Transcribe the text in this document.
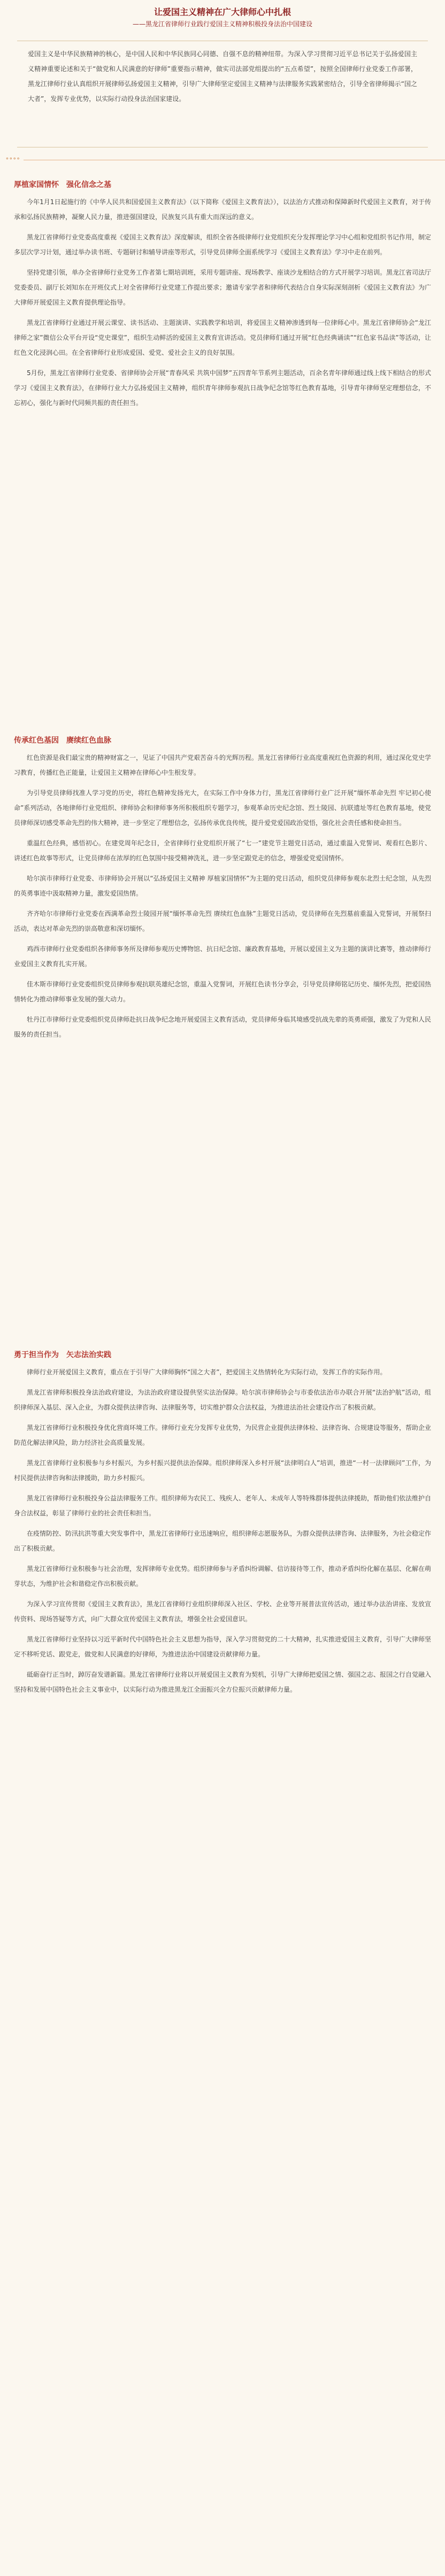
让爱国主义精神在广大律师心中扎根

——黑龙江省律师行业践行爱国主义精神积极投身法治中国建设

爱国主义是中华民族精神的核心，是中国人民和中华民族同心同德、自强不息的精神纽带。为深入学习贯彻习近平总书记关于弘扬爱国主义精神重要论述和关于“做党和人民满意的好律师”重要指示精神，做实司法部党组提出的“五点希望”，按照全国律师行业党委工作部署，黑龙江律师行业认真组织开展律师弘扬爱国主义精神，引导广大律师坚定爱国主义精神与法律服务实践紧密结合，引导全省律师揭示“国之大者”，发挥专业优势，以实际行动投身法治国家建设。
∘∘∘∘
厚植家国情怀　强化信念之基

今年1月1日起施行的《中华人民共和国爱国主义教育法》（以下简称《爱国主义教育法》），以法治方式推动和保障新时代爱国主义教育，对于传承和弘扬民族精神，凝聚人民力量，推进强国建设，民族复兴具有重大而深远的意义。

黑龙江省律师行业党委高度重视《爱国主义教育法》深度解读，组织全省各级律师行业党组织充分发挥理论学习中心组和党组织书记作用，制定多层次学习计划，通过举办读书班、专题研讨和辅导讲座等形式，引导党员律师全面系统学习《爱国主义教育法》学习中走在前列。

坚持党建引领，单办全省律师行业党务工作者第七期培训班，采用专题讲座、现场教学、座谈沙龙相结合的方式开展学习培训。黑龙江省司法厅党委委员、副厅长刘知东在开班仪式上对全省律师行业党建工作提出要求；邀请专家学者和律师代表结合自身实际深刻剖析《爱国主义教育法》为广大律师开展爱国主义教育提供理论指导。

黑龙江省律师行业通过开展云课堂、读书活动、主题演讲、实践教学和培训，将爱国主义精神渗透到每一位律师心中。黑龙江省律师协会“龙江律师之家”微信公众平台开设“党史课堂”，组织生动鲜活的爱国主义教育宣讲活动。党员律师们通过开展“红色经典诵读”“红色家书品读”等活动，让红色文化浸润心田。在全省律师行业形成爱国、爱党、爱社会主义的良好氛围。

5月份，黑龙江省律师行业党委、省律师协会开展“青春风采 共筑中国梦”五四青年节系列主题活动，百余名青年律师通过线上线下相结合的形式学习《爱国主义教育法》，在律师行业大力弘扬爱国主义精神，组织青年律师参观抗日战争纪念馆等红色教育基地，引导青年律师坚定理想信念，不忘初心，强化与新时代同频共振的责任担当。

传承红色基因　赓续红色血脉

红色资源是我们最宝贵的精神财富之一，见证了中国共产党艰苦奋斗的光辉历程。黑龙江省律师行业高度重视红色资源的利用，通过深化党史学习教育，传播红色正能量，让爱国主义精神在律师心中生根发芽。

为引导党员律师找准人学习党的历史，将红色精神发扬光大，在实际工作中身体力行，黑龙江省律师行业广泛开展“缅怀革命先烈 牢记初心使命”系列活动，各地律师行业党组织、律师协会和律师事务所积极组织专题学习，参观革命历史纪念馆、烈士陵园、抗联遗址等红色教育基地，使党员律师深切感受革命先烈的伟大精神，进一步坚定了理想信念，弘扬传承优良传统，提升爱党爱国政治觉悟，强化社会责任感和使命担当。

重温红色经典，感悟初心。在建党周年纪念日，全省律师行业党组织开展了“七一”建党节主题党日活动，通过重温入党誓词、观看红色影片、讲述红色故事等形式，让党员律师在浓厚的红色氛围中接受精神洗礼，进一步坚定跟党走的信念，增强爱党爱国情怀。

哈尔滨市律师行业党委、市律师协会开展以“弘扬爱国主义精神 厚植家国情怀”为主题的党日活动，组织党员律师参观东北烈士纪念馆，从先烈的英勇事迹中汲取精神力量，激发爱国热情。

齐齐哈尔市律师行业党委在西满革命烈士陵园开展“缅怀革命先烈 赓续红色血脉”主题党日活动，党员律师在先烈墓前重温入党誓词，开展祭扫活动，表达对革命先烈的崇高敬意和深切缅怀。

鸡西市律师行业党委组织各律师事务所及律师参观历史博物馆、抗日纪念馆、廉政教育基地，开展以爱国主义为主题的演讲比赛等，推动律师行业爱国主义教育扎实开展。

佳木斯市律师行业党委组织党员律师参观抗联英雄纪念馆，重温入党誓词，开展红色读书分享会，引导党员律师铭记历史、缅怀先烈，把爱国热情转化为推动律师事业发展的强大动力。

牡丹江市律师行业党委组织党员律师赴抗日战争纪念地开展爱国主义教育活动，党员律师身临其境感受抗战先辈的英勇顽强，激发了为党和人民服务的责任担当。

勇于担当作为　矢志法治实践

律师行业开展爱国主义教育，重点在于引导广大律师胸怀“国之大者”，把爱国主义热情转化为实际行动，发挥工作的实际作用。

黑龙江省律师积极投身法治政府建设，为法治政府建设提供坚实法治保障。哈尔滨市律师协会与市委依法治市办联合开展“法治护航”活动，组织律师深入基层、深入企业，为群众提供法律咨询、法律服务等，切实维护群众合法权益，为推进法治社会建设作出了积极贡献。

黑龙江省律师行业积极投身优化营商环境工作。律师行业充分发挥专业优势，为民营企业提供法律体检、法律咨询、合规建设等服务，帮助企业防范化解法律风险，助力经济社会高质量发展。

黑龙江省律师行业积极参与乡村振兴，为乡村振兴提供法治保障。组织律师深入乡村开展“法律明白人”培训，推进“一村一法律顾问”工作，为村民提供法律咨询和法律援助，助力乡村振兴。

黑龙江省律师行业积极投身公益法律服务工作。组织律师为农民工、残疾人、老年人、未成年人等特殊群体提供法律援助，帮助他们依法维护自身合法权益，彰显了律师行业的社会责任和担当。

在疫情防控、防汛抗洪等重大突发事件中，黑龙江省律师行业迅速响应，组织律师志愿服务队，为群众提供法律咨询、法律服务，为社会稳定作出了积极贡献。

黑龙江省律师行业积极参与社会治理，发挥律师专业优势。组织律师参与矛盾纠纷调解、信访接待等工作，推动矛盾纠纷化解在基层、化解在萌芽状态，为维护社会和谐稳定作出积极贡献。

为深入学习宣传贯彻《爱国主义教育法》，黑龙江省律师行业组织律师深入社区、学校、企业等开展普法宣传活动，通过举办法治讲座、发放宣传资料、现场答疑等方式，向广大群众宣传爱国主义教育法，增强全社会爱国意识。

黑龙江省律师行业坚持以习近平新时代中国特色社会主义思想为指导，深入学习贯彻党的二十大精神，扎实推进爱国主义教育，引导广大律师坚定不移听党话、跟党走，做党和人民满意的好律师，为推进法治中国建设贡献律师力量。

砥砺奋行正当时，踔厉奋发谱新篇。黑龙江省律师行业将以开展爱国主义教育为契机，引导广大律师把爱国之情、强国之志、报国之行自觉融入坚持和发展中国特色社会主义事业中，以实际行动为推进黑龙江全面振兴全方位振兴贡献律师力量。
